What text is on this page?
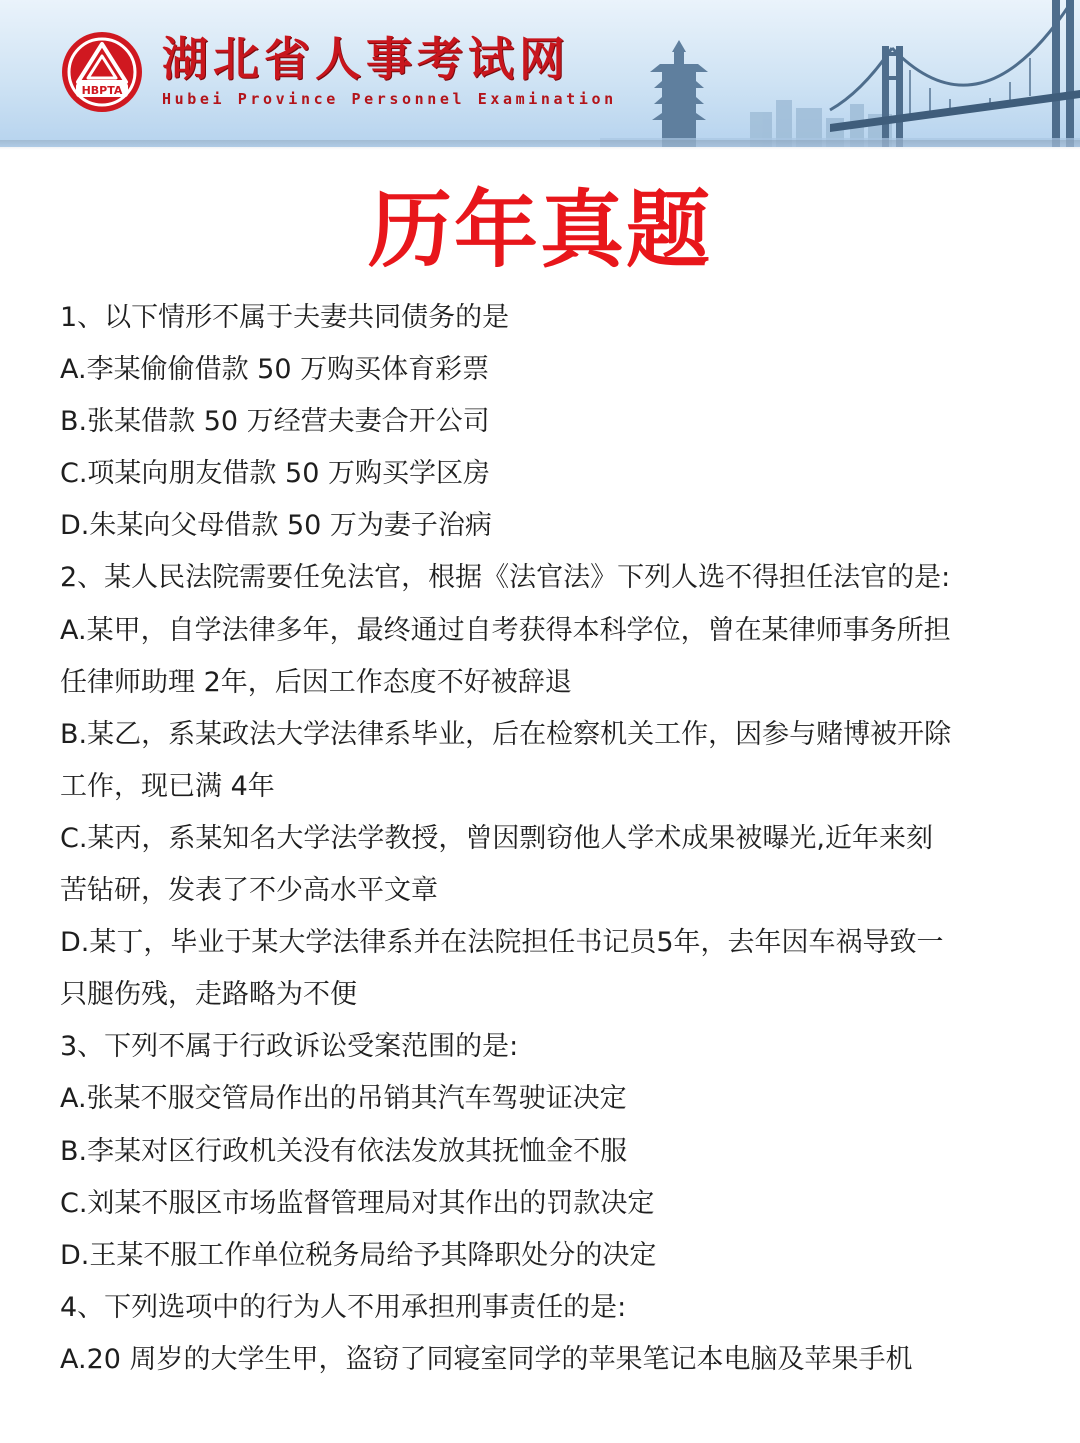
HBPTA
湖北省人事考试网
Hubei Province Personnel Examination
历年真题
1、以下情形不属于夫妻共同债务的是
A.李某偷偷借款 50 万购买体育彩票
B.张某借款 50 万经营夫妻合开公司
C.项某向朋友借款 50 万购买学区房
D.朱某向父母借款 50 万为妻子治病
2、某人民法院需要任免法官，根据《法官法》下列人选不得担任法官的是:
A.某甲，自学法律多年，最终通过自考获得本科学位，曾在某律师事务所担
任律师助理 2年，后因工作态度不好被辞退
B.某乙，系某政法大学法律系毕业，后在检察机关工作，因参与赌博被开除
工作，现已满 4年
C.某丙，系某知名大学法学教授，曾因剽窃他人学术成果被曝光,近年来刻
苦钻研，发表了不少高水平文章
D.某丁，毕业于某大学法律系并在法院担任书记员5年，去年因车祸导致一
只腿伤残，走路略为不便
3、下列不属于行政诉讼受案范围的是:
A.张某不服交管局作出的吊销其汽车驾驶证决定
B.李某对区行政机关没有依法发放其抚恤金不服
C.刘某不服区市场监督管理局对其作出的罚款决定
D.王某不服工作单位税务局给予其降职处分的决定
4、下列选项中的行为人不用承担刑事责任的是:
A.20 周岁的大学生甲，盗窃了同寝室同学的苹果笔记本电脑及苹果手机
